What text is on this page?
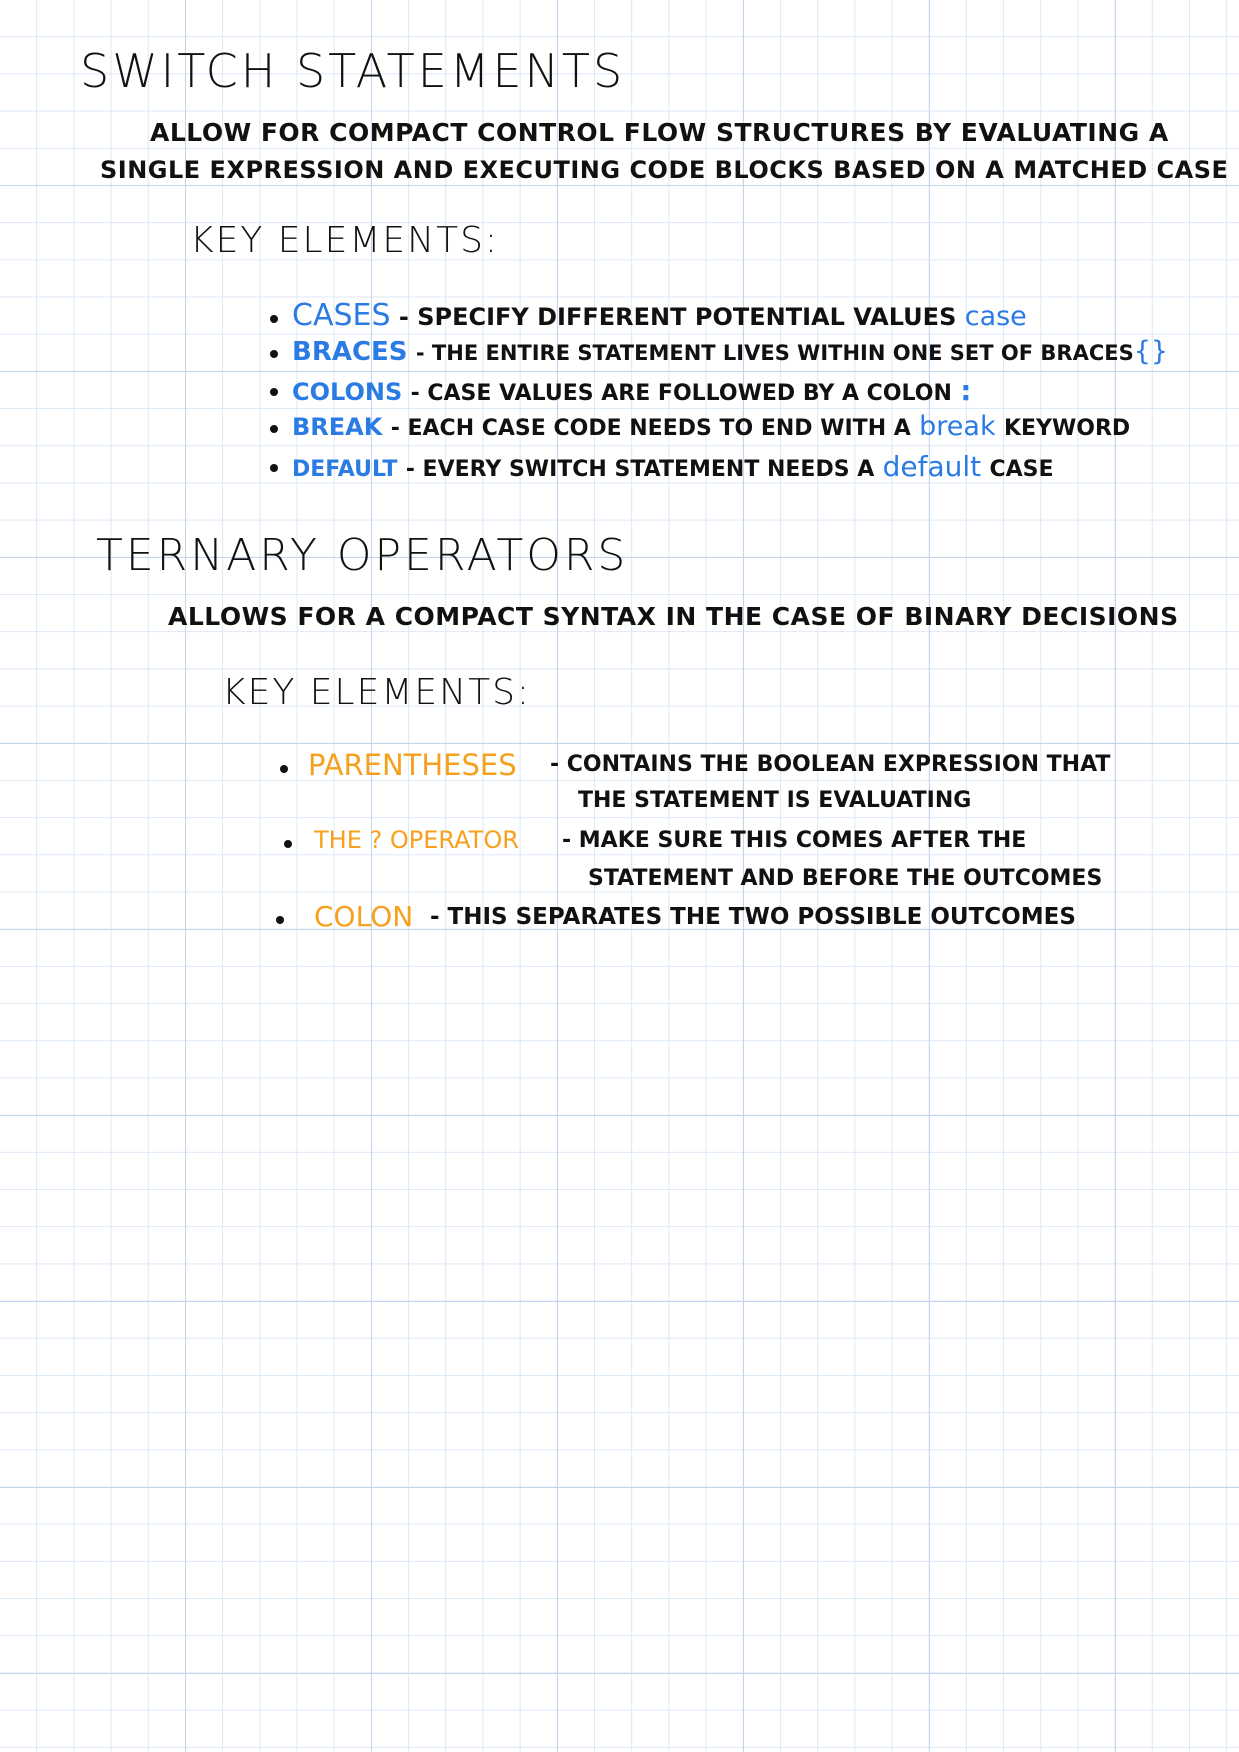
SWITCH STATEMENTS
ALLOW FOR COMPACT CONTROL FLOW STRUCTURES BY EVALUATING A
SINGLE EXPRESSION AND EXECUTING CODE BLOCKS BASED ON A MATCHED CASE
KEY ELEMENTS:
CASES - SPECIFY DIFFERENT POTENTIAL VALUES case
BRACES - THE ENTIRE STATEMENT LIVES WITHIN ONE SET OF BRACES{}
COLONS - CASE VALUES ARE FOLLOWED BY A COLON :
BREAK - EACH CASE CODE NEEDS TO END WITH A break KEYWORD
DEFAULT - EVERY SWITCH STATEMENT NEEDS A default CASE
TERNARY OPERATORS
ALLOWS FOR A COMPACT SYNTAX IN THE CASE OF BINARY DECISIONS
KEY ELEMENTS:
PARENTHESES - CONTAINS THE BOOLEAN EXPRESSION THAT
THE STATEMENT IS EVALUATING
THE ? OPERATOR - MAKE SURE THIS COMES AFTER THE
STATEMENT AND BEFORE THE OUTCOMES
COLON - THIS SEPARATES THE TWO POSSIBLE OUTCOMES
